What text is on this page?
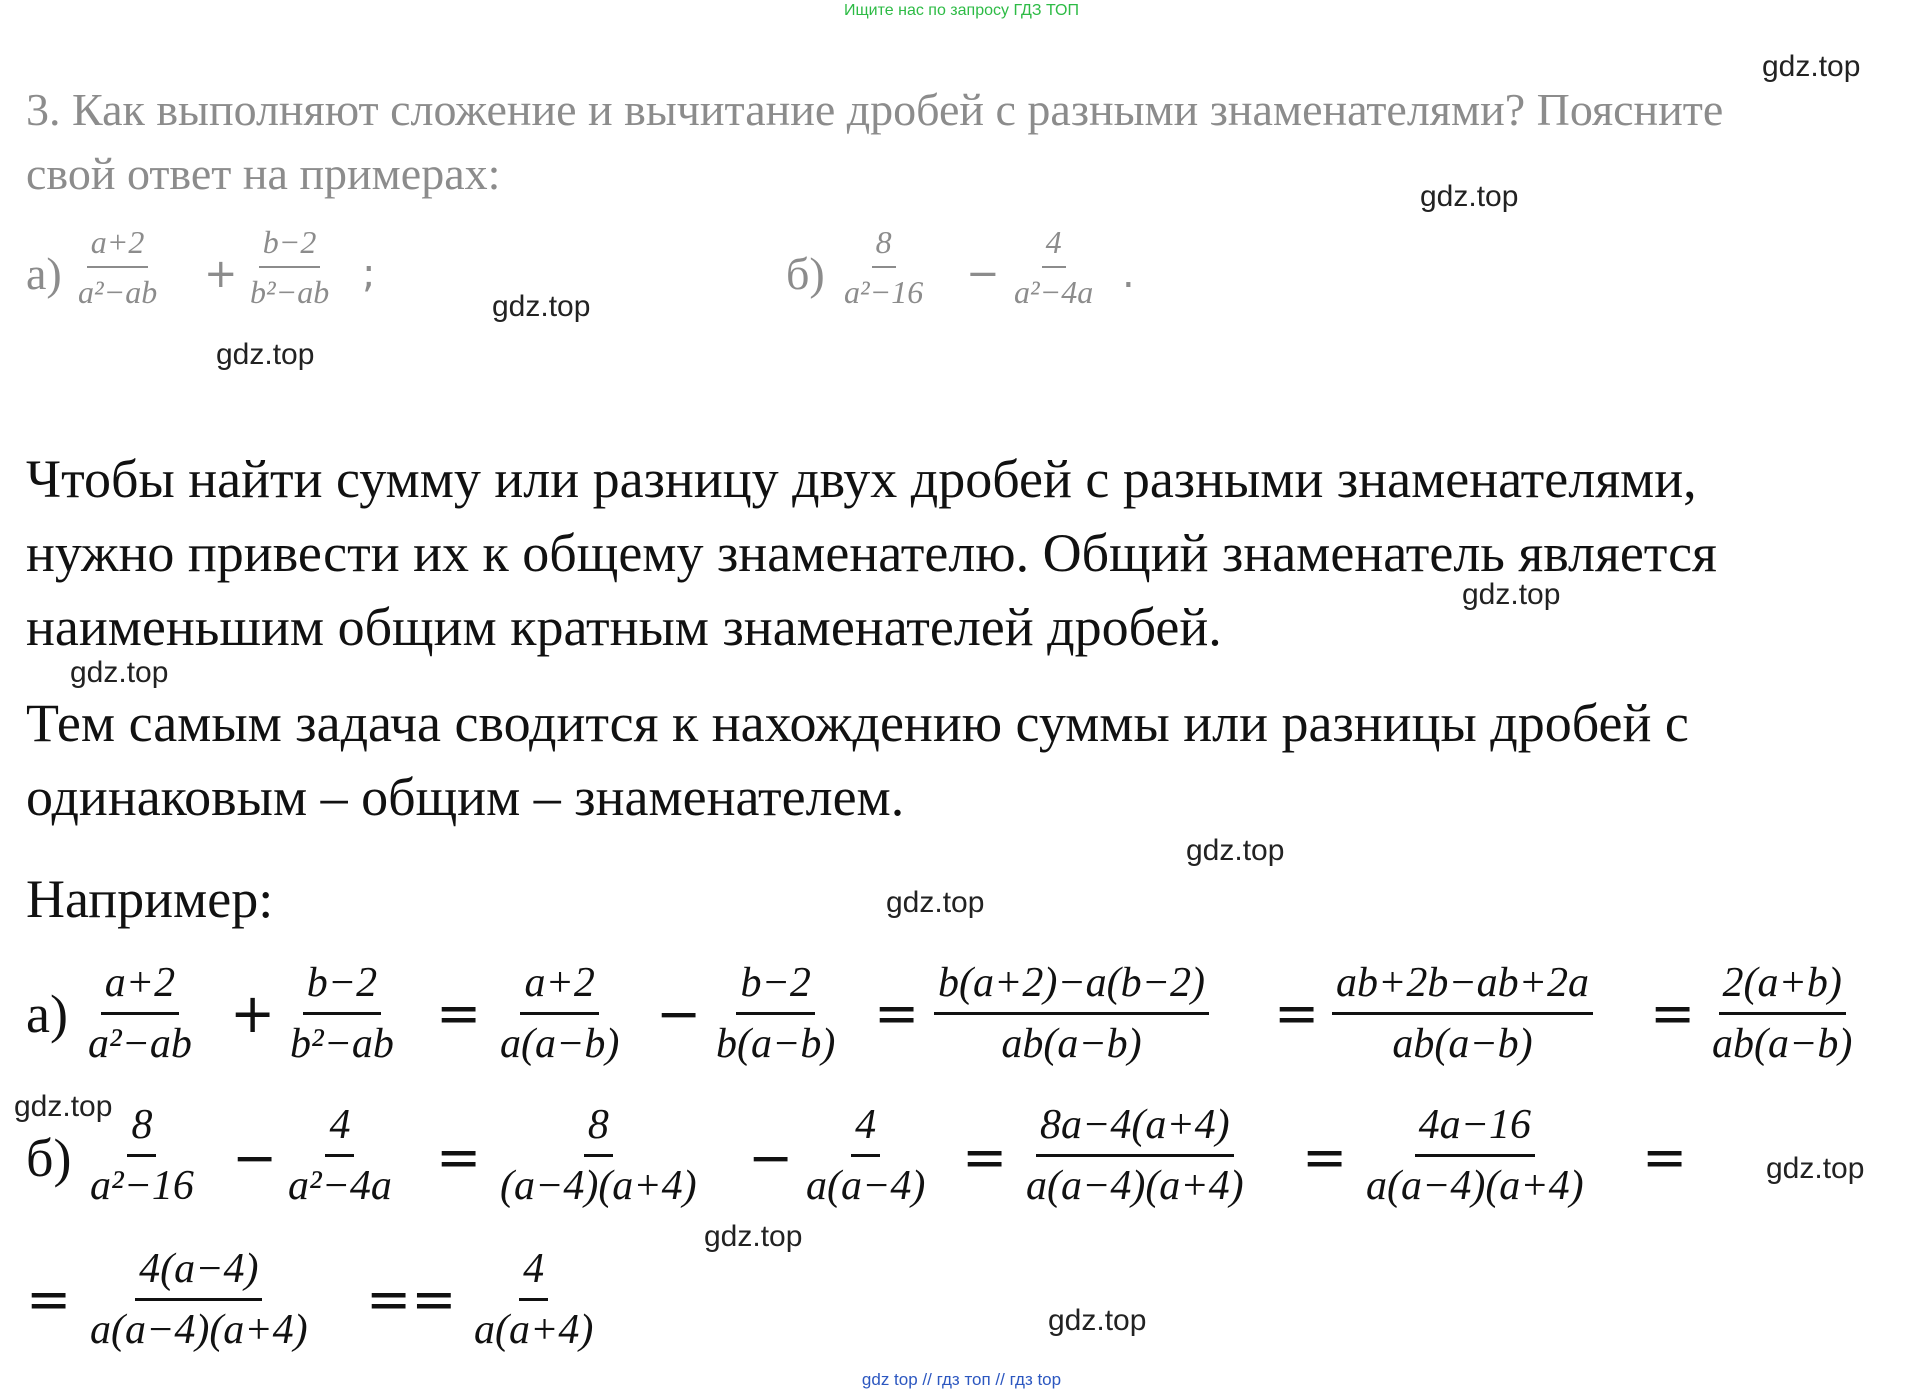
Ищите нас по запросу ГДЗ ТОП
3. Как выполняют сложение и вычитание дробей с разными знаменателями? Поясните
свой ответ на примерах:
$а) \frac{a+2}{\text{a²−ab}} + \frac{b-2}{\text{b²−ab}}$ ;	$б) \frac{8}{\text{a²−16}} - \frac{4}{\text{a²−4a}}$ .
Чтобы найти сумму или разницу двух дробей с разными знаменателями,
нужно привести их к общему знаменателю. Общий знаменатель является
наименьшим общим кратным знаменателей дробей.
Тем самым задача сводится к нахождению суммы или разницы дробей с
одинаковым – общим – знаменателем.
Например:
$а) \frac{a+2}{\text{a²−ab}} + \frac{b-2}{\text{b²−ab}} = \frac{a+2}{a(a-b)} - \frac{b-2}{b(a-b)} = \frac{b(a+2)-a(b-2)}{ab(a-b)} = \frac{ab+2b-ab+2a}{ab(a-b)} = \frac{2(a+b)}{ab(a-b)}$
$б) \frac{8}{\text{a²−16}} - \frac{4}{\text{a²−4a}} = \frac{8}{(a-4)(a+4)} - \frac{4}{a(a-4)} = \frac{8a-4(a+4)}{a(a-4)(a+4)} = \frac{4a-16}{a(a-4)(a+4)}$ =
= $\frac{4(a-4)}{a(a-4)(a+4)} == \frac{4}{a(a+4)}$
gdz.top
gdz.top
gdz.top
gdz.top
gdz.top
gdz.top
gdz.top
gdz.top
gdz.top
gdz.top
gdz.top
gdz.top
gdz top // гдз топ // гдз top
